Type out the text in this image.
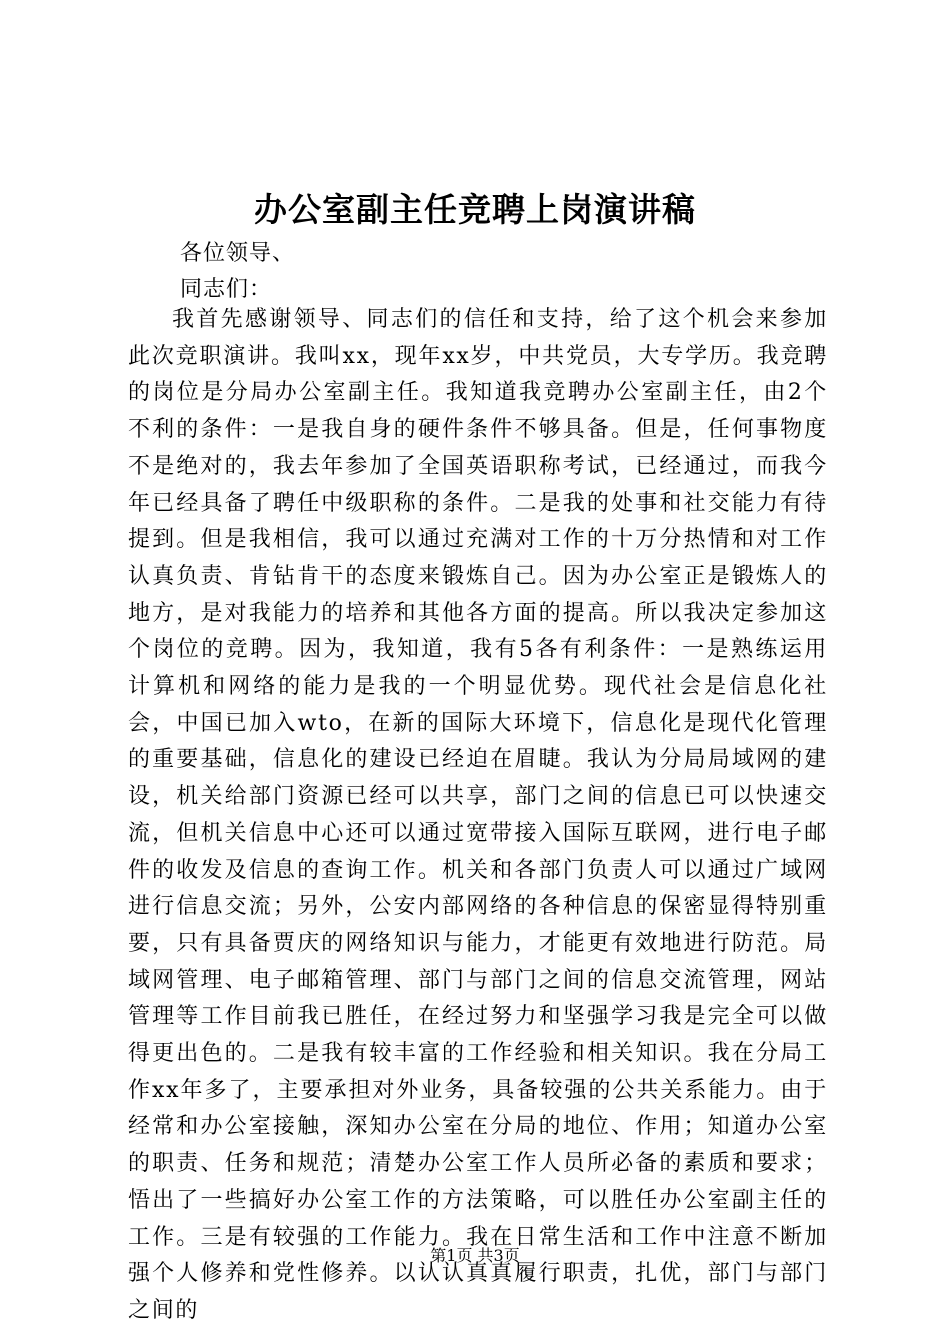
办公室副主任竞聘上岗演讲稿
各位领导、
同志们：

我首先感谢领导、同志们的信任和支持，给了这个机会来参加此次竞职演讲。我叫xx，现年xx岁，中共党员，大专学历。我竞聘的岗位是分局办公室副主任。我知道我竞聘办公室副主任，由2个不利的条件：一是我自身的硬件条件不够具备。但是，任何事物度不是绝对的，我去年参加了全国英语职称考试，已经通过，而我今年已经具备了聘任中级职称的条件。二是我的处事和社交能力有待提到。但是我相信，我可以通过充满对工作的十万分热情和对工作认真负责、肯钻肯干的态度来锻炼自己。因为办公室正是锻炼人的地方，是对我能力的培养和其他各方面的提高。所以我决定参加这个岗位的竞聘。因为，我知道，我有5各有利条件：一是熟练运用计算机和网络的能力是我的一个明显优势。现代社会是信息化社会，中国已加入wto，在新的国际大环境下，信息化是现代化管理的重要基础，信息化的建设已经迫在眉睫。我认为分局局域网的建设，机关给部门资源已经可以共享，部门之间的信息已可以快速交流，但机关信息中心还可以通过宽带接入国际互联网，进行电子邮件的收发及信息的查询工作。机关和各部门负责人可以通过广域网进行信息交流；另外，公安内部网络的各种信息的保密显得特别重要，只有具备贾庆的网络知识与能力，才能更有效地进行防范。局域网管理、电子邮箱管理、部门与部门之间的信息交流管理，网站管理等工作目前我已胜任，在经过努力和坚强学习我是完全可以做得更出色的。二是我有较丰富的工作经验和相关知识。我在分局工作xx年多了，主要承担对外业务，具备较强的公共关系能力。由于经常和办公室接触，深知办公室在分局的地位、作用；知道办公室的职责、任务和规范；清楚办公室工作人员所必备的素质和要求；悟出了一些搞好办公室工作的方法策略，可以胜任办公室副主任的工作。三是有较强的工作能力。我在日常生活和工作中注意不断加强个人修养和党性修养。以认认真真履行职责，扎优，部门与部门之间的

第1页 共3页
